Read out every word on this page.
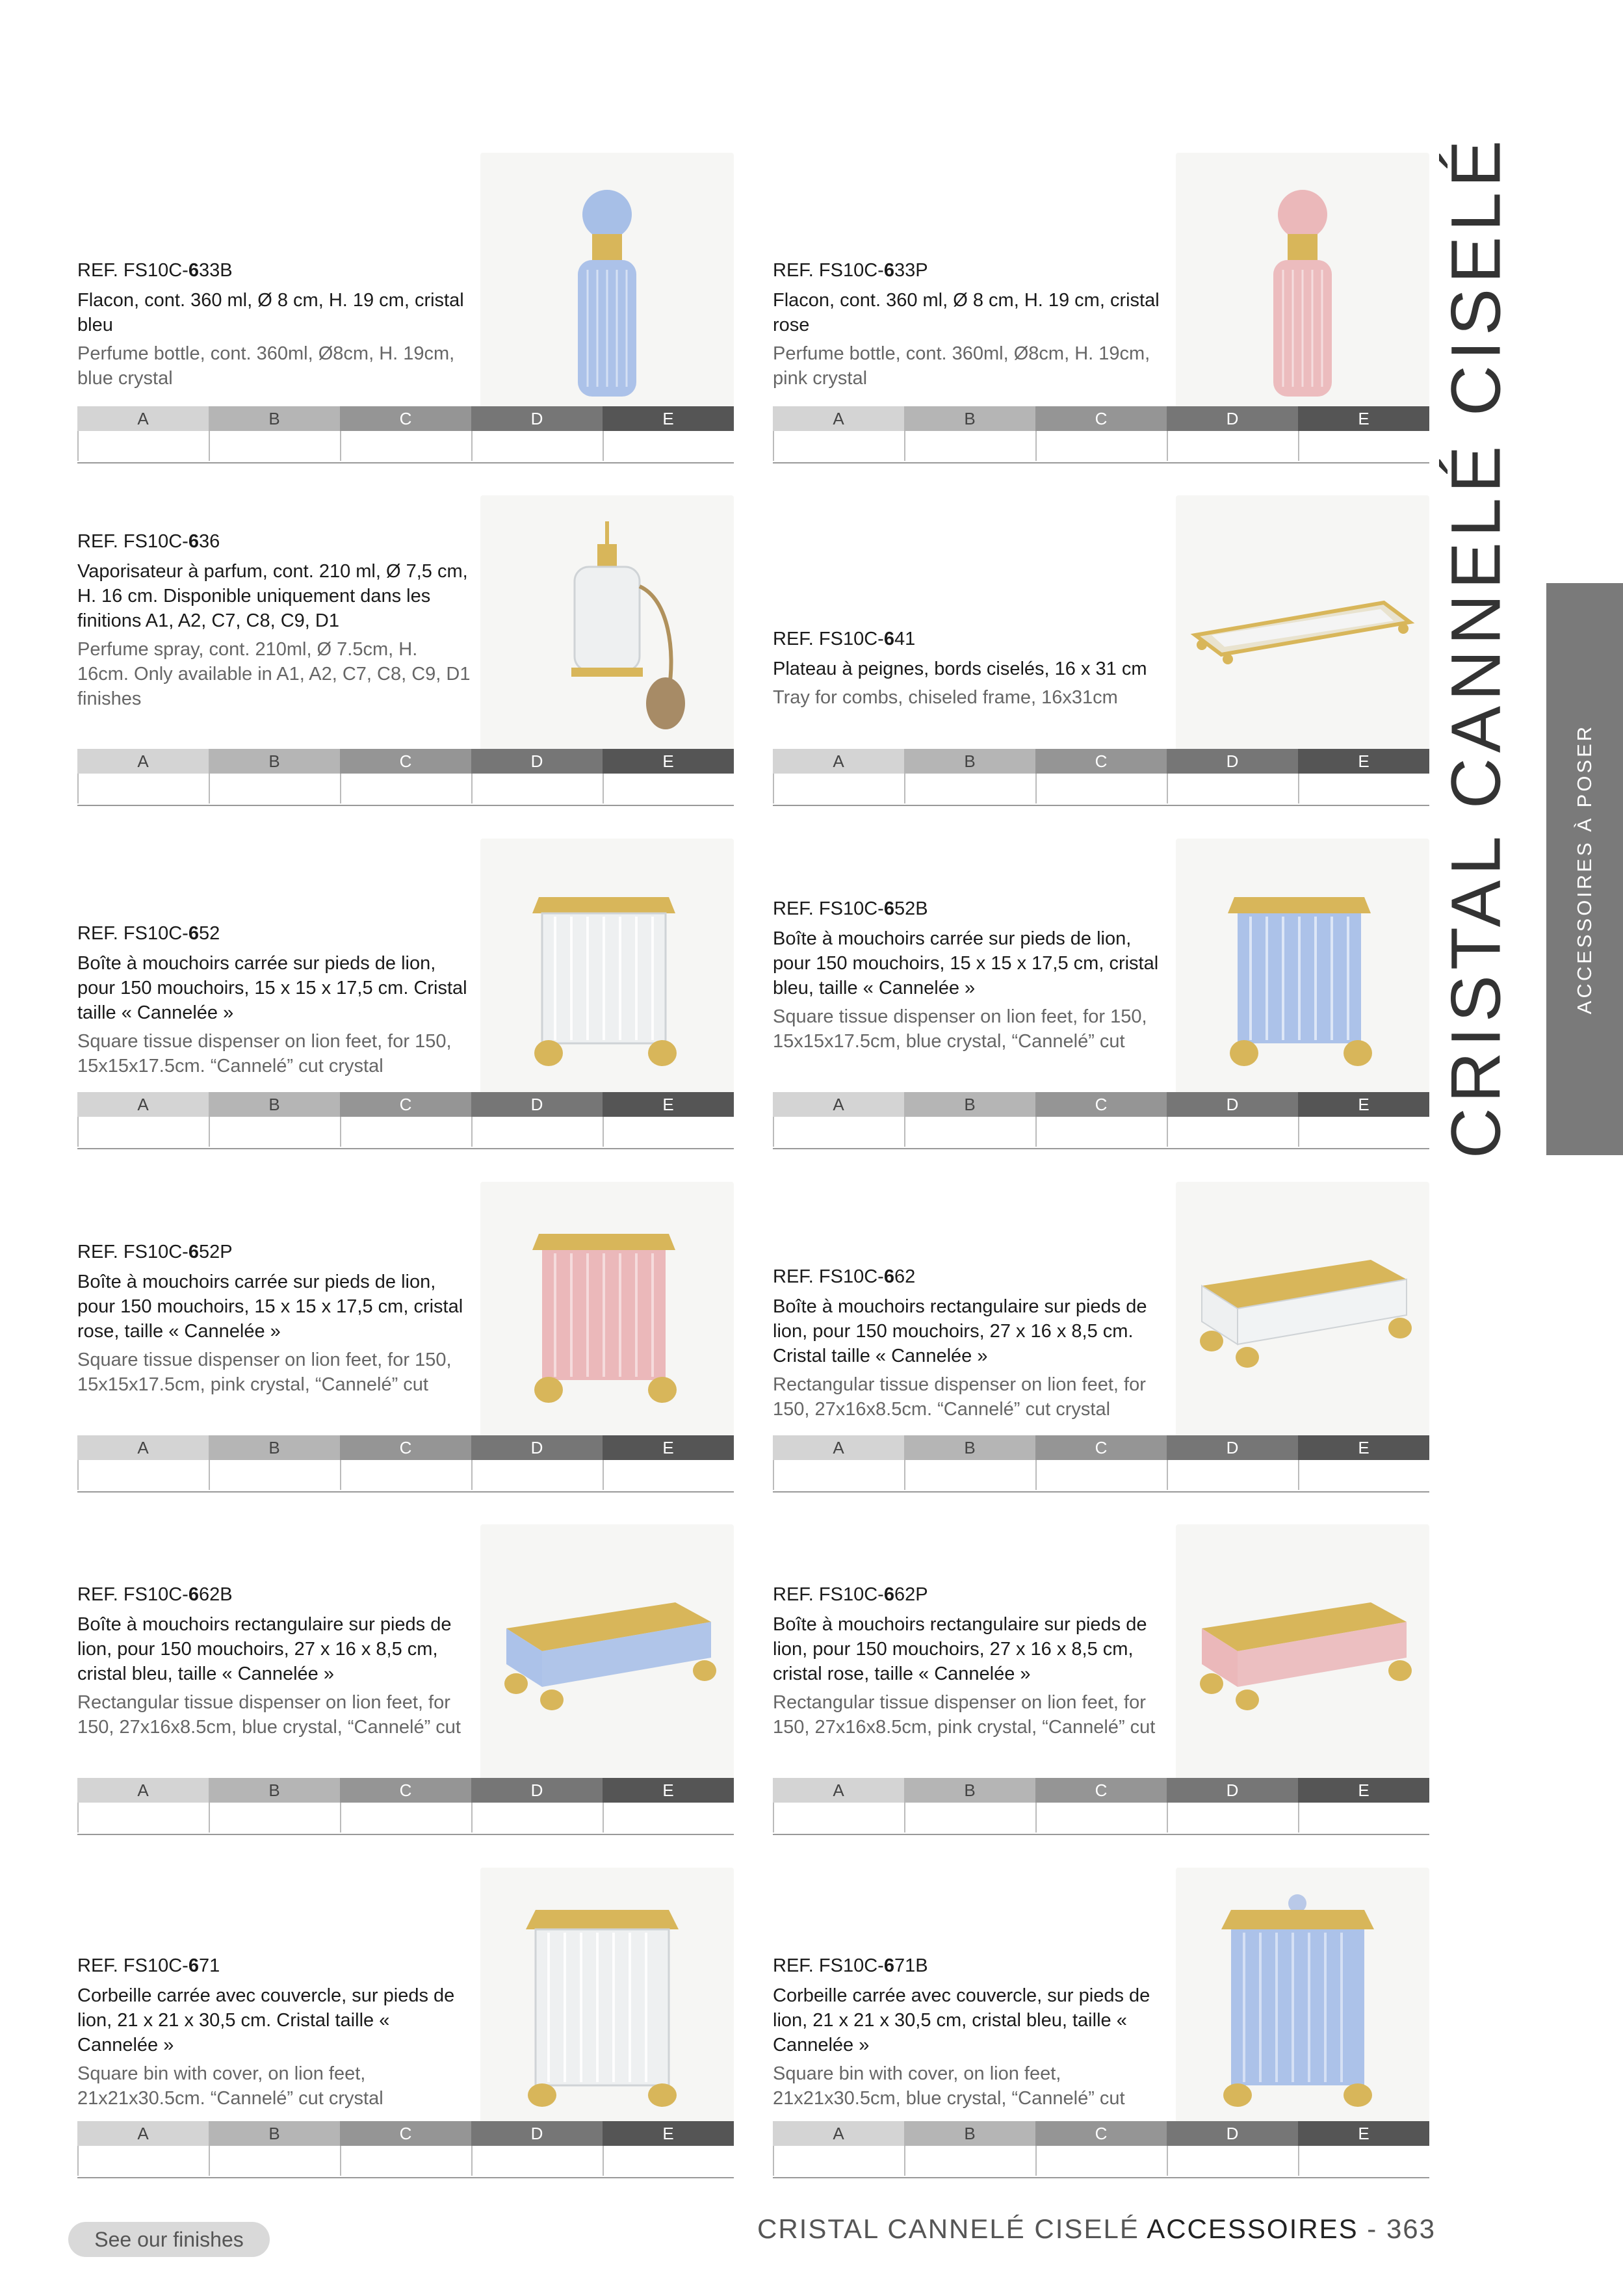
CRISTAL CANNELÉ CISELÉ	ACCESSOIRES À POSER

REF. FS10C-633B

Flacon, cont. 360 ml, Ø 8 cm, H. 19 cm, cristal bleu

Perfume bottle, cont. 360ml, Ø8cm, H. 19cm, blue crystal

A	B	C	D	E

REF. FS10C-633P

Flacon, cont. 360 ml, Ø 8 cm, H. 19 cm, cristal rose

Perfume bottle, cont. 360ml, Ø8cm, H. 19cm, pink crystal

A	B	C	D	E

REF. FS10C-636

Vaporisateur à parfum, cont. 210 ml, Ø 7,5 cm, H. 16 cm. Disponible uniquement dans les finitions A1, A2, C7, C8, C9, D1

Perfume spray, cont. 210ml, Ø 7.5cm, H. 16cm. Only available in A1, A2, C7, C8, C9, D1 finishes

A	B	C	D	E

REF. FS10C-641

Plateau à peignes, bords ciselés, 16 x 31 cm

Tray for combs, chiseled frame, 16x31cm

A	B	C	D	E

REF. FS10C-652

Boîte à mouchoirs carrée sur pieds de lion, pour 150 mouchoirs, 15 x 15 x 17,5 cm. Cristal taille « Cannelée »

Square tissue dispenser on lion feet, for 150, 15x15x17.5cm. “Cannelé” cut crystal

A	B	C	D	E

REF. FS10C-652B

Boîte à mouchoirs carrée sur pieds de lion, pour 150 mouchoirs, 15 x 15 x 17,5 cm, cristal bleu, taille « Cannelée »

Square tissue dispenser on lion feet, for 150, 15x15x17.5cm, blue crystal, “Cannelé” cut

A	B	C	D	E

REF. FS10C-652P

Boîte à mouchoirs carrée sur pieds de lion, pour 150 mouchoirs, 15 x 15 x 17,5 cm, cristal rose, taille « Cannelée »

Square tissue dispenser on lion feet, for 150, 15x15x17.5cm, pink crystal, “Cannelé” cut

A	B	C	D	E

REF. FS10C-662

Boîte à mouchoirs rectangulaire sur pieds de lion, pour 150 mouchoirs, 27 x 16 x 8,5 cm. Cristal taille « Cannelée »

Rectangular tissue dispenser on lion feet, for 150, 27x16x8.5cm. “Cannelé” cut crystal

A	B	C	D	E

REF. FS10C-662B

Boîte à mouchoirs rectangulaire sur pieds de lion, pour 150 mouchoirs, 27 x 16 x 8,5 cm, cristal bleu, taille « Cannelée »

Rectangular tissue dispenser on lion feet, for 150, 27x16x8.5cm, blue crystal, “Cannelé” cut

A	B	C	D	E

REF. FS10C-662P

Boîte à mouchoirs rectangulaire sur pieds de lion, pour 150 mouchoirs, 27 x 16 x 8,5 cm, cristal rose, taille « Cannelée »

Rectangular tissue dispenser on lion feet, for 150, 27x16x8.5cm, pink crystal, “Cannelé” cut

A	B	C	D	E

REF. FS10C-671

Corbeille carrée avec couvercle, sur pieds de lion, 21 x 21 x 30,5 cm. Cristal taille « Cannelée »

Square bin with cover, on lion feet, 21x21x30.5cm. “Cannelé” cut crystal

A	B	C	D	E

REF. FS10C-671B

Corbeille carrée avec couvercle, sur pieds de lion, 21 x 21 x 30,5 cm, cristal bleu, taille « Cannelée »

Square bin with cover, on lion feet, 21x21x30.5cm, blue crystal, “Cannelé” cut

A	B	C	D	E
See our finishes	CRISTAL CANNELÉ CISELÉ ACCESSOIRES - 363
